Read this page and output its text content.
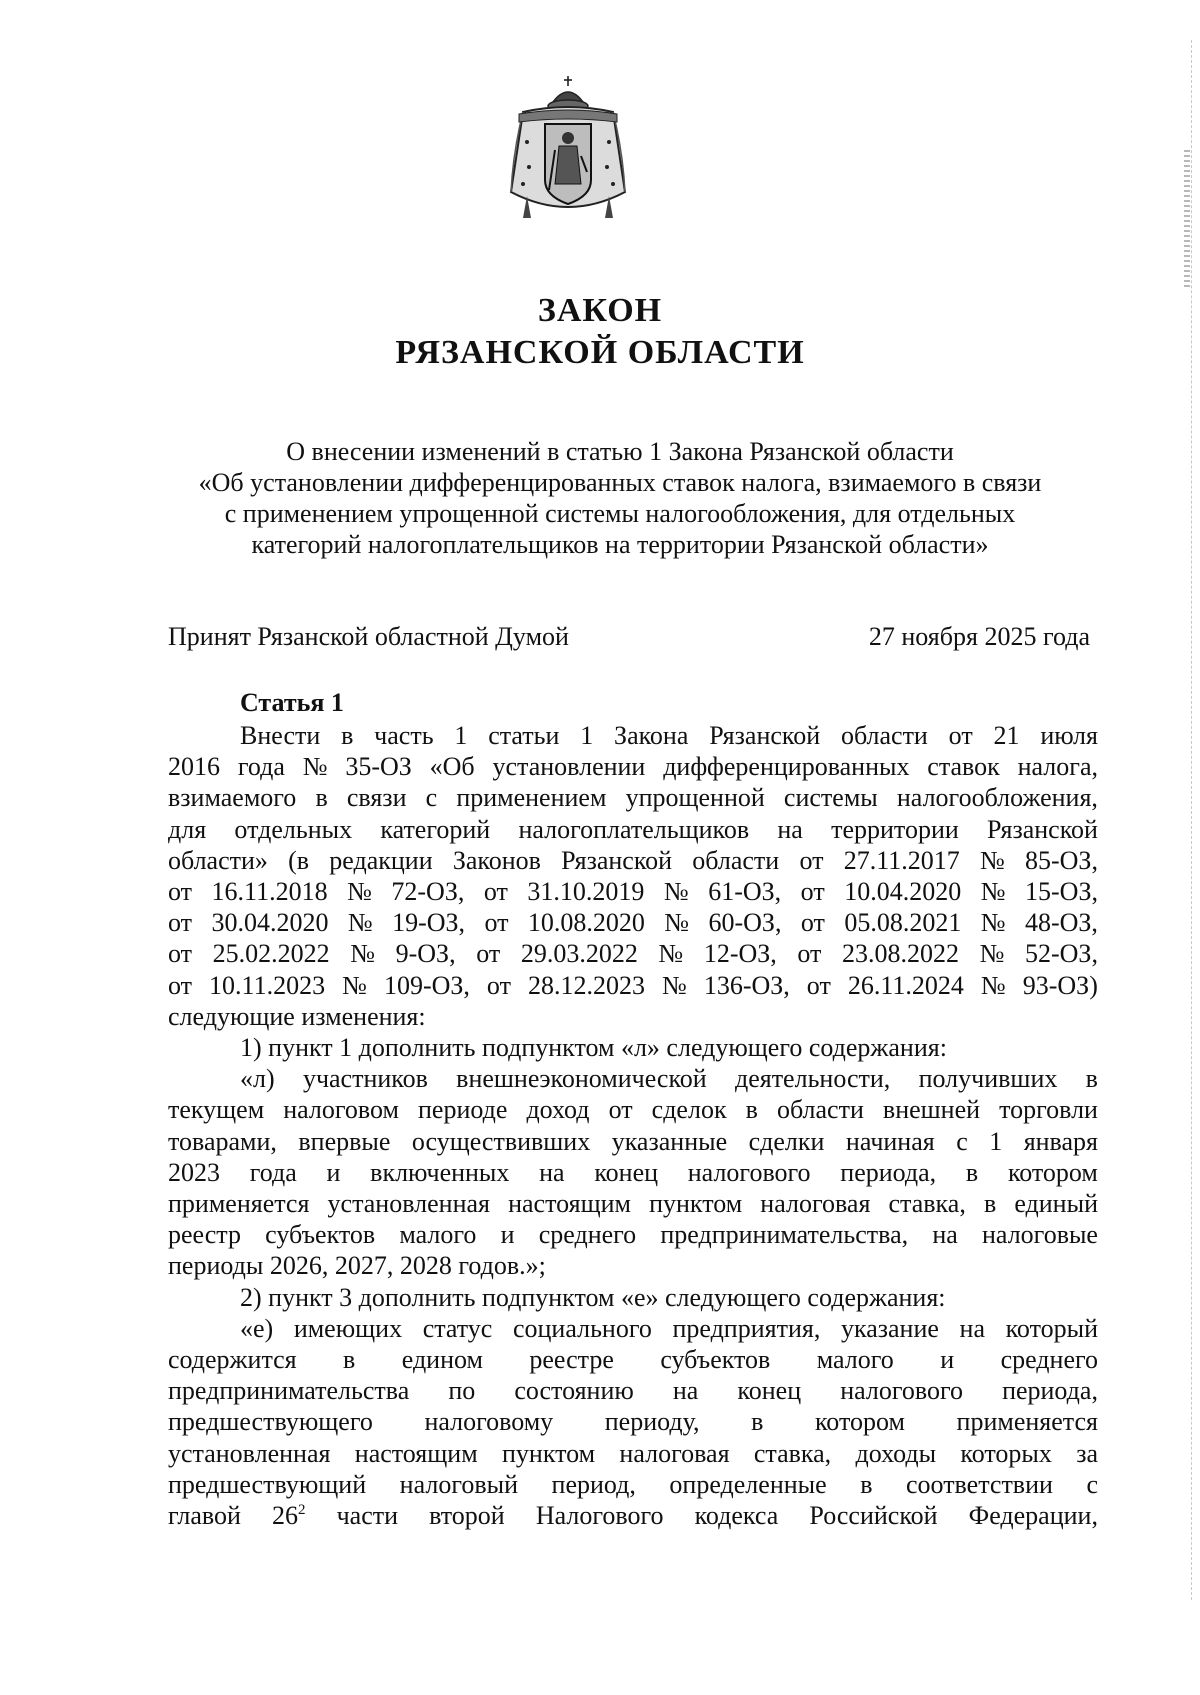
ЗАКОН
РЯЗАНСКОЙ ОБЛАСТИ
О внесении изменений в статью 1 Закона Рязанской области
«Об установлении дифференцированных ставок налога, взимаемого в связи
с применением упрощенной системы налогообложения, для отдельных
категорий налогоплательщиков на территории Рязанской области»
Принят Рязанской областной Думой	27 ноября 2025 года
Статья 1
Внести в часть 1 статьи 1 Закона Рязанской области от 21 июля
2016 года № 35-ОЗ «Об установлении дифференцированных ставок налога,
взимаемого в связи с применением упрощенной системы налогообложения,
для отдельных категорий налогоплательщиков на территории Рязанской
области» (в редакции Законов Рязанской области от 27.11.2017 № 85-ОЗ,
от 16.11.2018 № 72-ОЗ, от 31.10.2019 № 61-ОЗ, от 10.04.2020 № 15-ОЗ,
от 30.04.2020 № 19-ОЗ, от 10.08.2020 № 60-ОЗ, от 05.08.2021 № 48-ОЗ,
от 25.02.2022 № 9-ОЗ, от 29.03.2022 № 12-ОЗ, от 23.08.2022 № 52-ОЗ,
от 10.11.2023 № 109-ОЗ, от 28.12.2023 № 136-ОЗ, от 26.11.2024 № 93-ОЗ)
следующие изменения:
1) пункт 1 дополнить подпунктом «л» следующего содержания:
«л) участников внешнеэкономической деятельности, получивших в
текущем налоговом периоде доход от сделок в области внешней торговли
товарами, впервые осуществивших указанные сделки начиная с 1 января
2023 года и включенных на конец налогового периода, в котором
применяется установленная настоящим пунктом налоговая ставка, в единый
реестр субъектов малого и среднего предпринимательства, на налоговые
периоды 2026, 2027, 2028 годов.»;
2) пункт 3 дополнить подпунктом «е» следующего содержания:
«е) имеющих статус социального предприятия, указание на который
содержится в едином реестре субъектов малого и среднего
предпринимательства по состоянию на конец налогового периода,
предшествующего налоговому периоду, в котором применяется
установленная настоящим пунктом налоговая ставка, доходы которых за
предшествующий налоговый период, определенные в соответствии с
главой $26^2$ части второй Налогового кодекса Российской Федерации,
